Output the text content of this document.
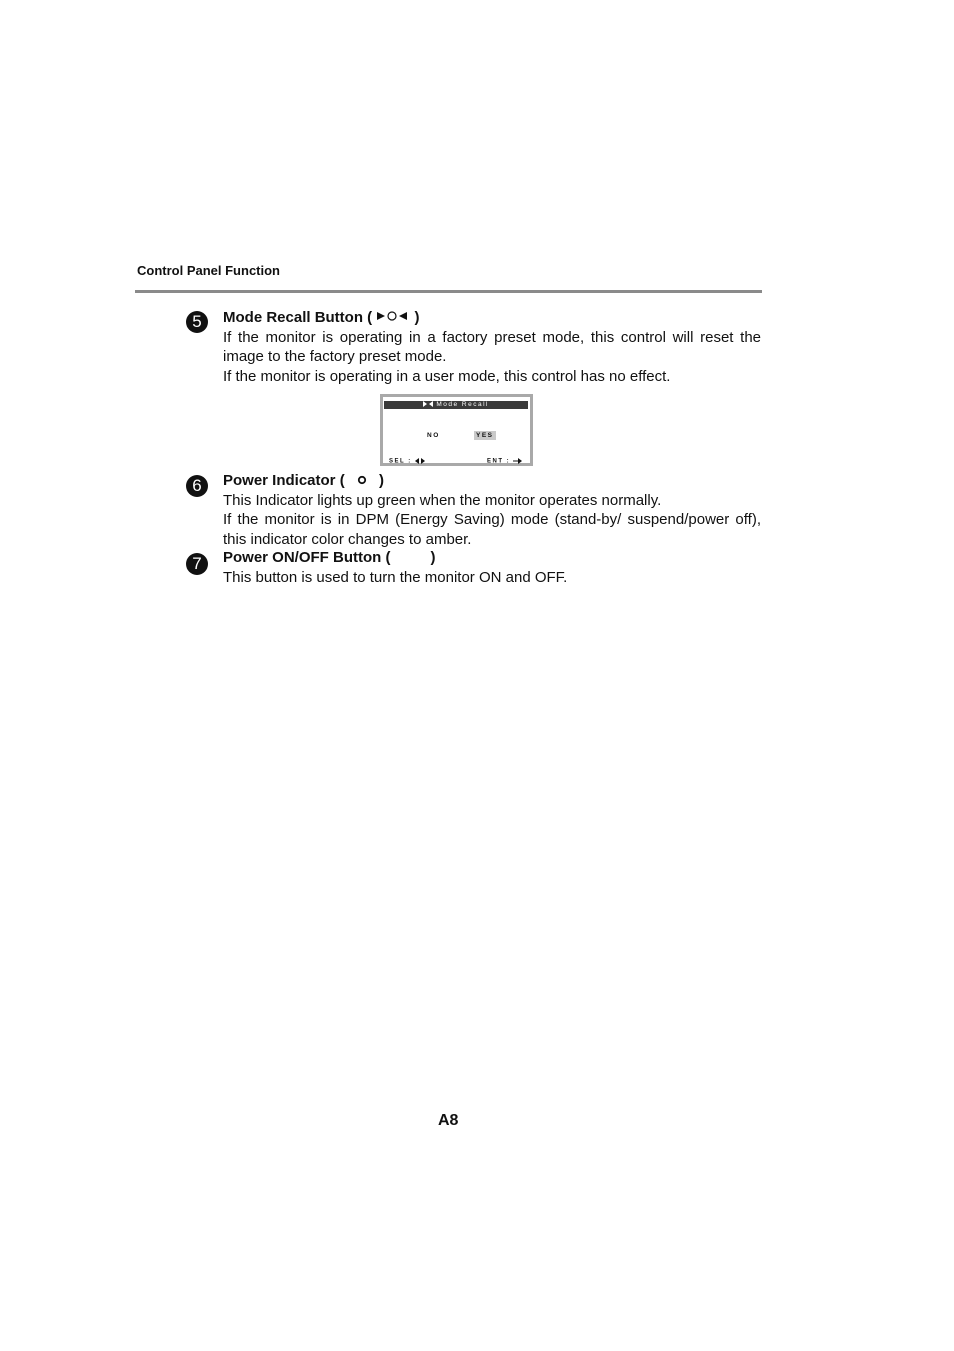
Control Panel Function
5	Mode Recall Button (  )

If the monitor is operating in a factory preset mode, this control will reset the image to the factory preset mode.

If the monitor is operating in a user mode, this control has no effect.

Mode Recall
NO	YES
SEL :	ENT :
6	Power Indicator (  )

This Indicator lights up green when the monitor operates normally.

If the monitor is in DPM (Energy Saving) mode (stand-by/ suspend/power off), this indicator color changes to amber.

7	Power ON/OFF Button (	)

This button is used to turn the monitor ON and OFF.

A8
